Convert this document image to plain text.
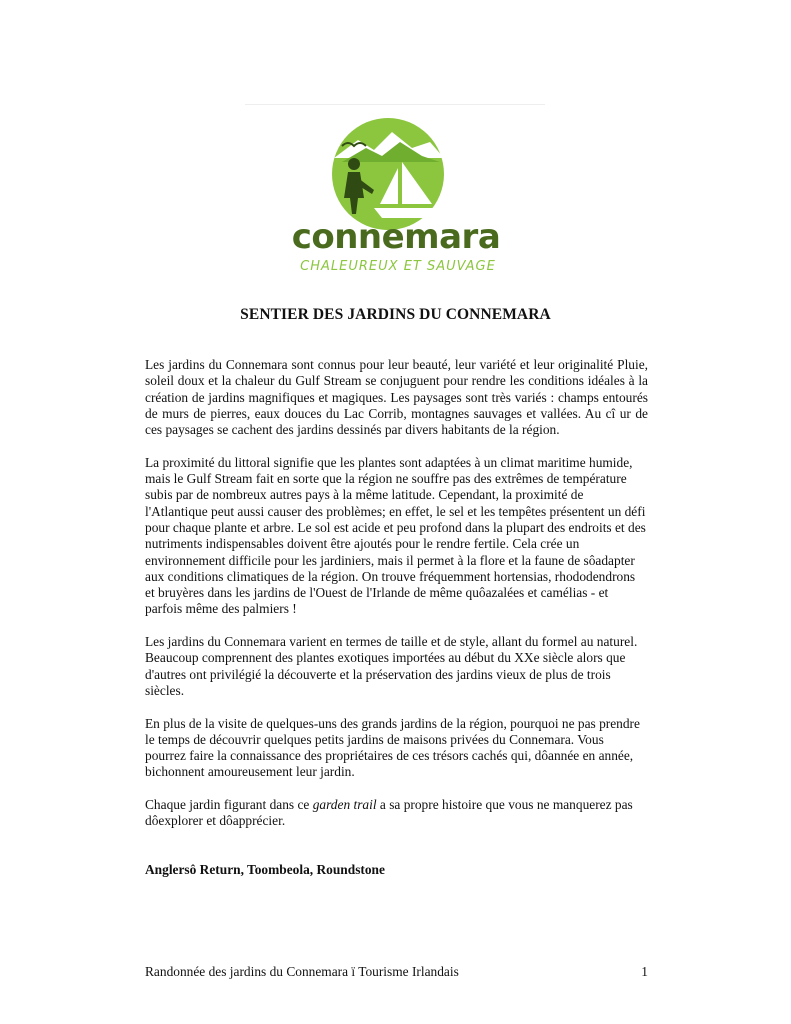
connemara
CHALEUREUX ET SAUVAGE
SENTIER DES JARDINS DU CONNEMARA

Les jardins du Connemara sont connus pour leur beauté, leur variété et leur originalité Pluie, soleil doux et la chaleur du Gulf Stream se conjuguent pour rendre les conditions idéales à la création de jardins magnifiques et magiques. Les paysages sont très variés : champs entourés de murs de pierres, eaux douces du Lac Corrib, montagnes sauvages et vallées. Au cî ur de ces paysages se cachent des jardins dessinés par divers habitants de la région.

La proximité du littoral signifie que les plantes sont adaptées à un climat maritime humide, mais le Gulf Stream fait en sorte que la région ne souffre pas des extrêmes de température subis par de nombreux autres pays à la même latitude. Cependant, la proximité de l'Atlantique peut aussi causer des problèmes; en effet, le sel et les tempêtes présentent un défi pour chaque plante et arbre. Le sol est acide et peu profond dans la plupart des endroits et des nutriments indispensables doivent être ajoutés pour le rendre fertile. Cela crée un environnement difficile pour les jardiniers, mais il permet à la flore et la faune de sôadapter aux conditions climatiques de la région. On trouve fréquemment hortensias, rhododendrons et bruyères dans les jardins de l'Ouest de l'Irlande de même quôazalées et camélias - et parfois même des palmiers !

Les jardins du Connemara varient en termes de taille et de style, allant du formel au naturel. Beaucoup comprennent des plantes exotiques importées au début du XXe siècle alors que d'autres ont privilégié la découverte et la préservation des jardins vieux de plus de trois siècles.

En plus de la visite de quelques-uns des grands jardins de la région, pourquoi ne pas prendre le temps de découvrir quelques petits jardins de maisons privées du Connemara. Vous pourrez faire la connaissance des propriétaires de ces trésors cachés qui, dôannée en année, bichonnent amoureusement leur jardin.

Chaque jardin figurant dans ce garden trail a sa propre histoire que vous ne manquerez pas dôexplorer et dôapprécier.

Anglersô Return, Toombeola, Roundstone

Randonnée des jardins du Connemara ï Tourisme Irlandais	1
